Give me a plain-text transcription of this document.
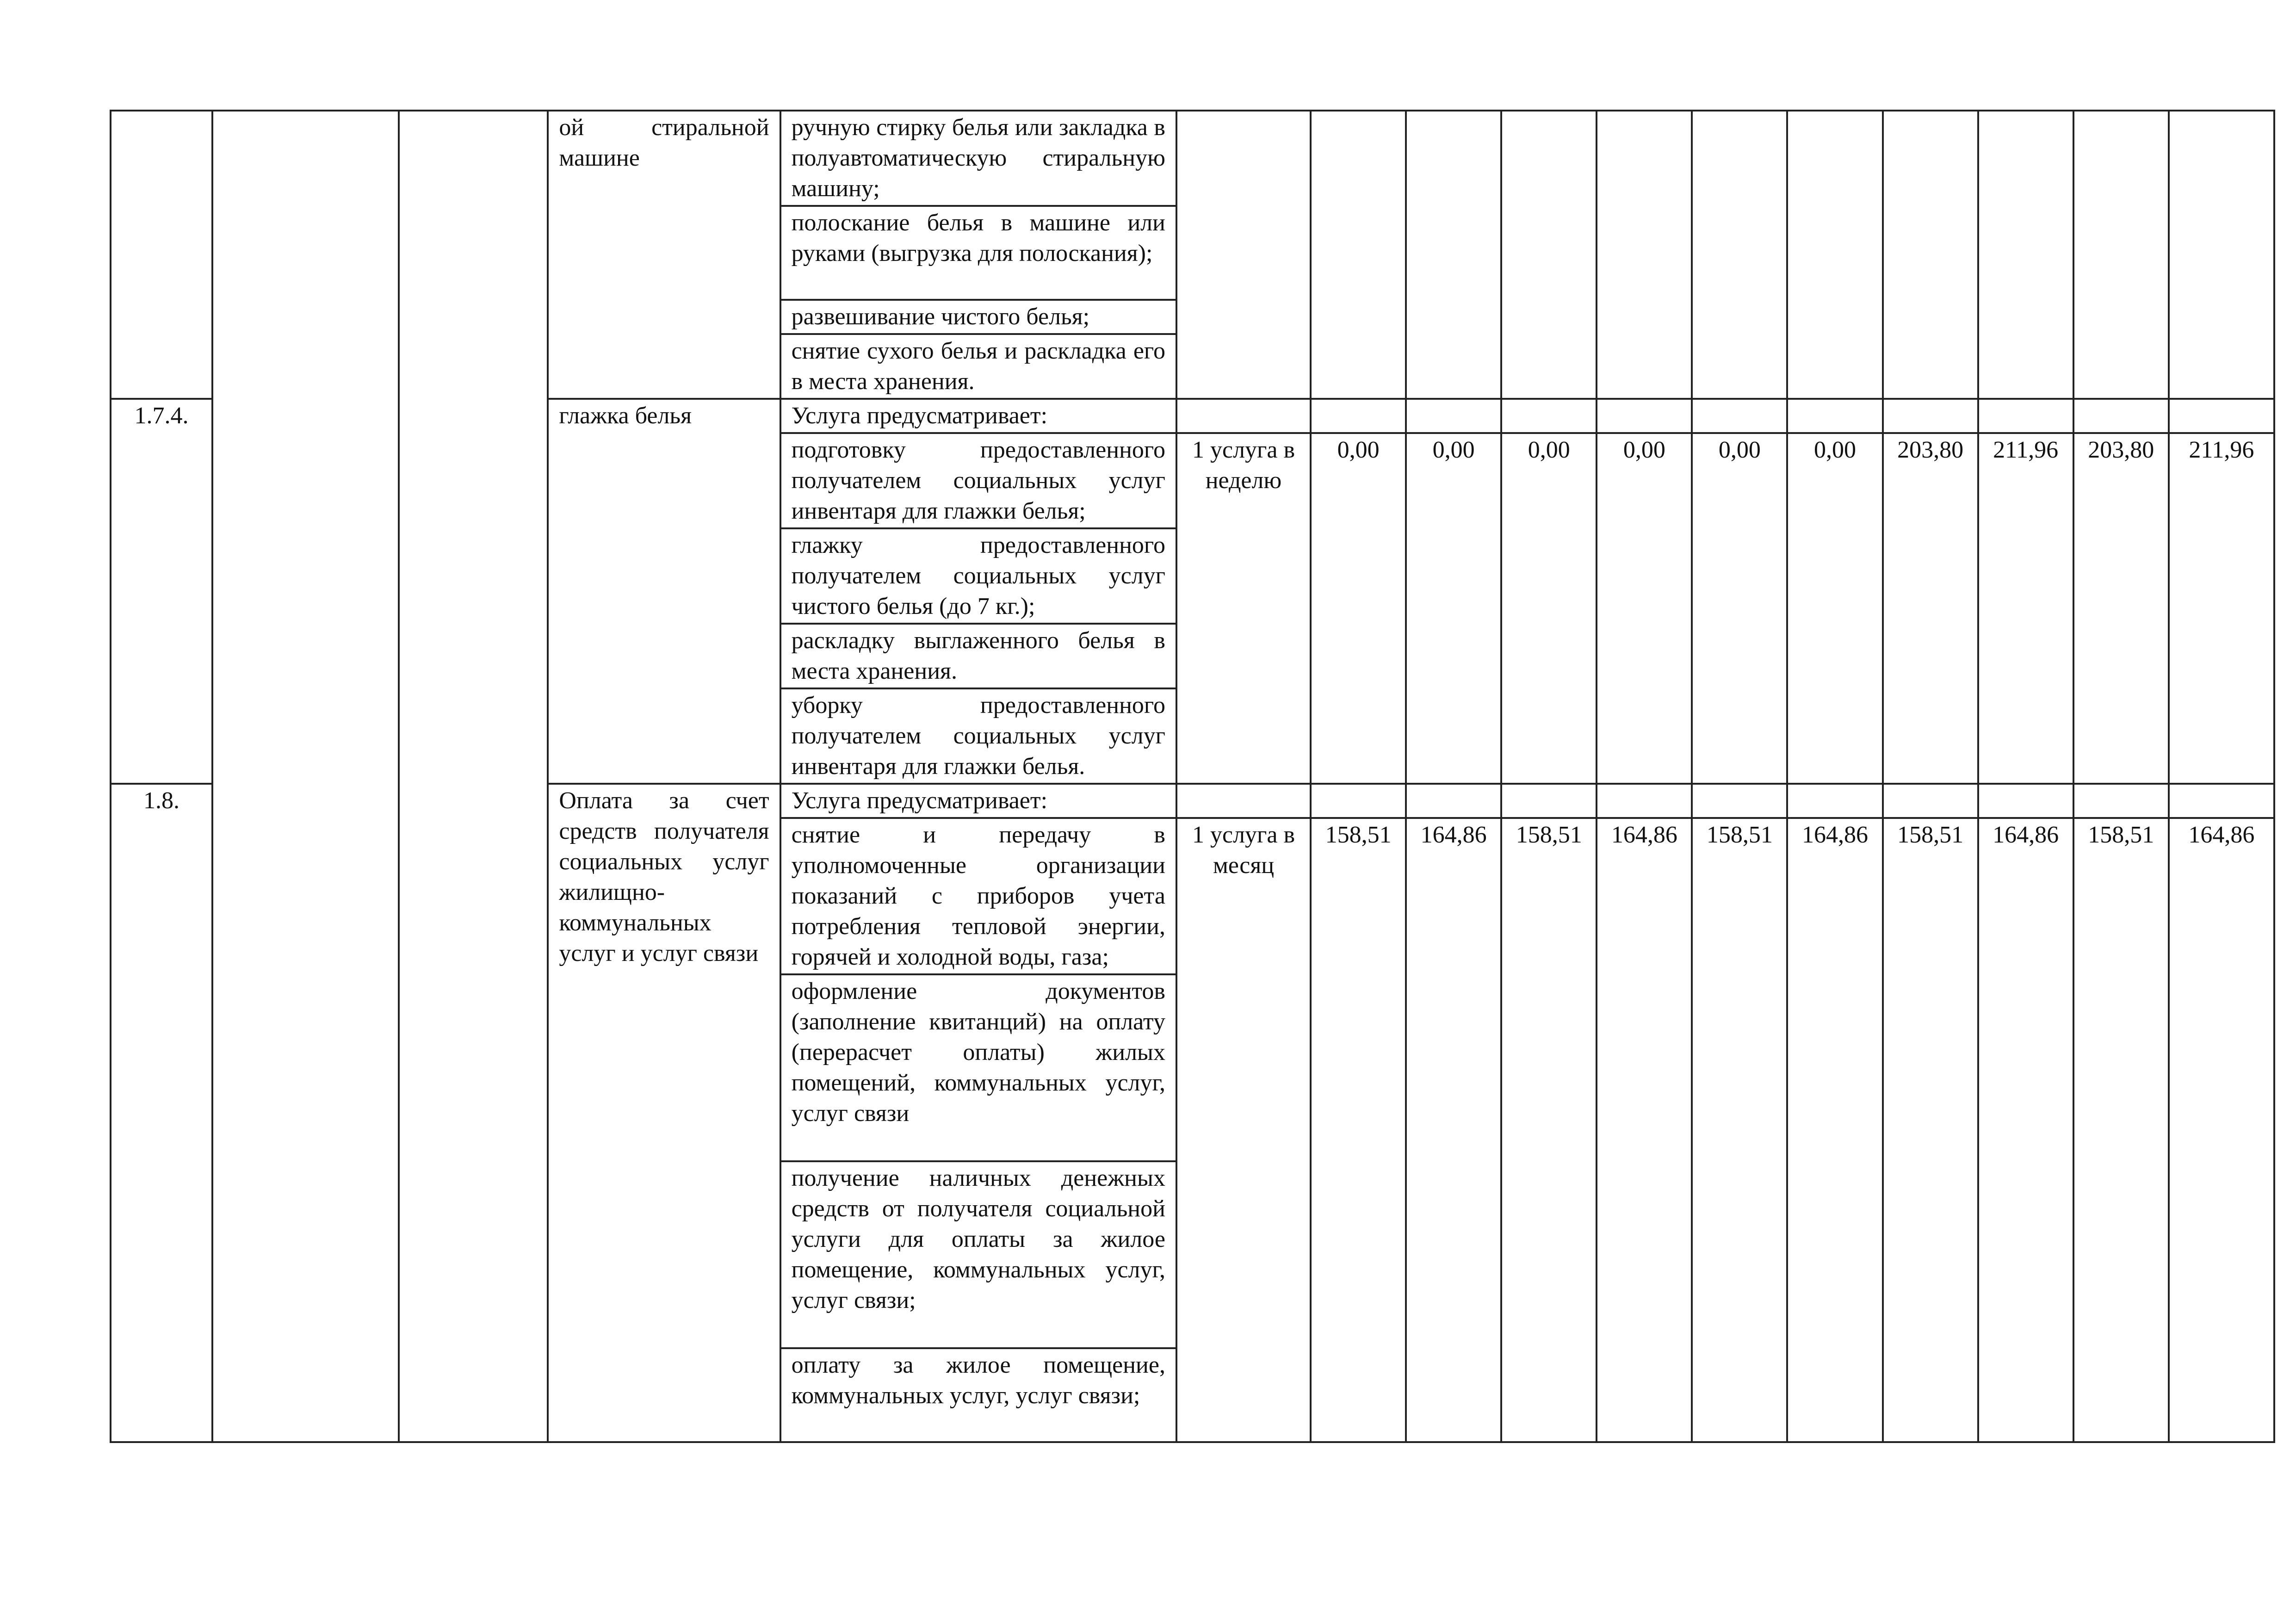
			ой стиральной машине	ручную стирку белья или закладка в полуавтоматическую стиральную машину;											
				полоскание белья в машине или руками (выгрузка для полоскания);											
				развешивание чистого белья;											
				снятие сухого белья и раскладка его в места хранения.											
1.7.4.			глажка белья	Услуга предусматривает:											
				подготовку предоставленного получателем социальных услуг инвентаря для глажки белья;	1 услуга в неделю	0,00	0,00	0,00	0,00	0,00	0,00	203,80	211,96	203,80	211,96
				глажку предоставленного получателем социальных услуг чистого белья (до 7 кг.);											
				раскладку выглаженного белья в места хранения.											
				уборку предоставленного получателем социальных услуг инвентаря для глажки белья.											
1.8.			Оплата за счет средств получателя социальных услуг жилищно-коммунальных услуг и услуг связи	Услуга предусматривает:											
				снятие и передачу в уполномоченные организации показаний с приборов учета потребления тепловой энергии, горячей и холодной воды, газа;	1 услуга в месяц	158,51	164,86	158,51	164,86	158,51	164,86	158,51	164,86	158,51	164,86
				оформление документов (заполнение квитанций) на оплату (перерасчет оплаты) жилых помещений, коммунальных услуг, услуг связи											
				получение наличных денежных средств от получателя социальной услуги для оплаты за жилое помещение, коммунальных услуг, услуг связи;											
				оплату за жилое помещение, коммунальных услуг, услуг связи;											
